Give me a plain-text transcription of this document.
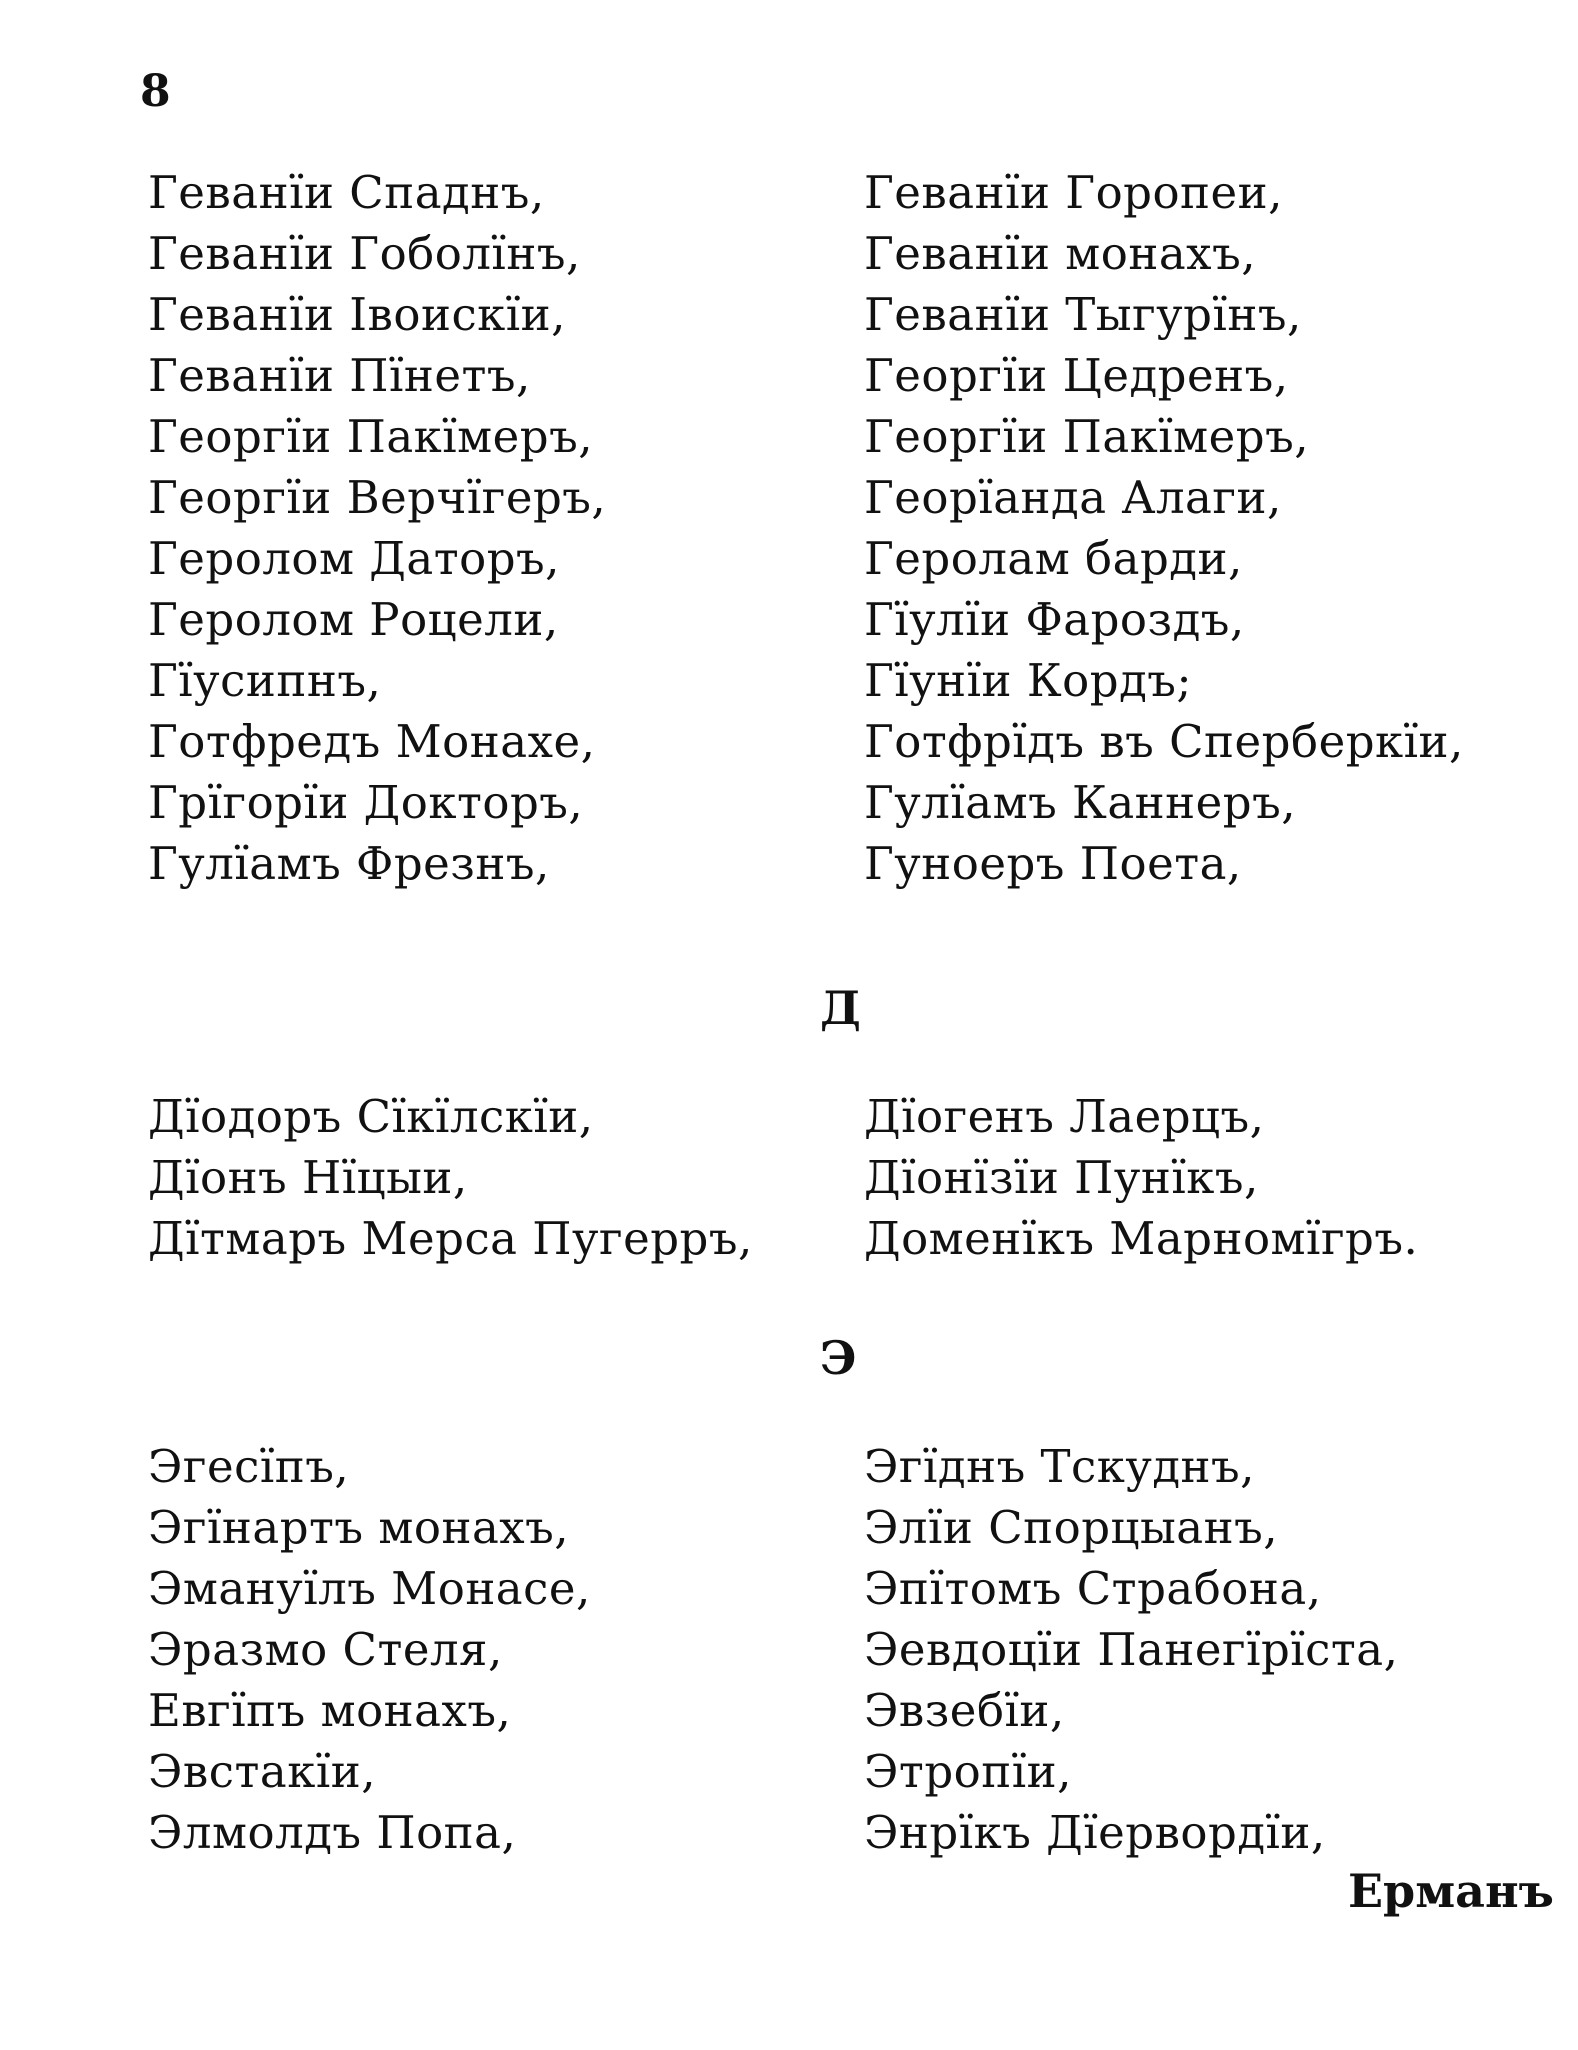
8
Геванїи Спаднъ,
Геванїи Гоболїнъ,
Геванїи Івоискїи,
Геванїи Пїнетъ,
Георгїи Пакїмеръ,
Георгїи Верчїгеръ,
Геролом Даторъ,
Геролом Роцели,
Гїусипнъ,
Готфредъ Монахе,
Грїгорїи Докторъ,
Гулїамъ Фрезнъ,
Геванїи Горопеи,
Геванїи монахъ,
Геванїи Тыгурїнъ,
Георгїи Цедренъ,
Георгїи Пакїмеръ,
Георїанда Алаги,
Геролам барди,
Гїулїи Фароздъ,
Гїунїи Кордъ;
Готфрїдъ въ Сперберкїи,
Гулїамъ Каннеръ,
Гуноеръ Поета,
Д
Дїодоръ Сїкїлскїи,
Дїонъ Нїцыи,
Дїтмаръ Мерса Пугерръ,
Дїогенъ Лаерцъ,
Дїонїзїи Пунїкъ,
Доменїкъ Марномїгръ.
Э
Эгесїпъ,
Эгїнартъ монахъ,
Эмануїлъ Монасе,
Эразмо Стеля,
Евгїпъ монахъ,
Эвстакїи,
Элмолдъ Попа,
Эгїднъ Тскуднъ,
Элїи Спорцыанъ,
Эпїтомъ Страбона,
Эевдоцїи Панегїрїста,
Эвзебїи,
Этропїи,
Энрїкъ Дїервордїи,
Ерманъ
